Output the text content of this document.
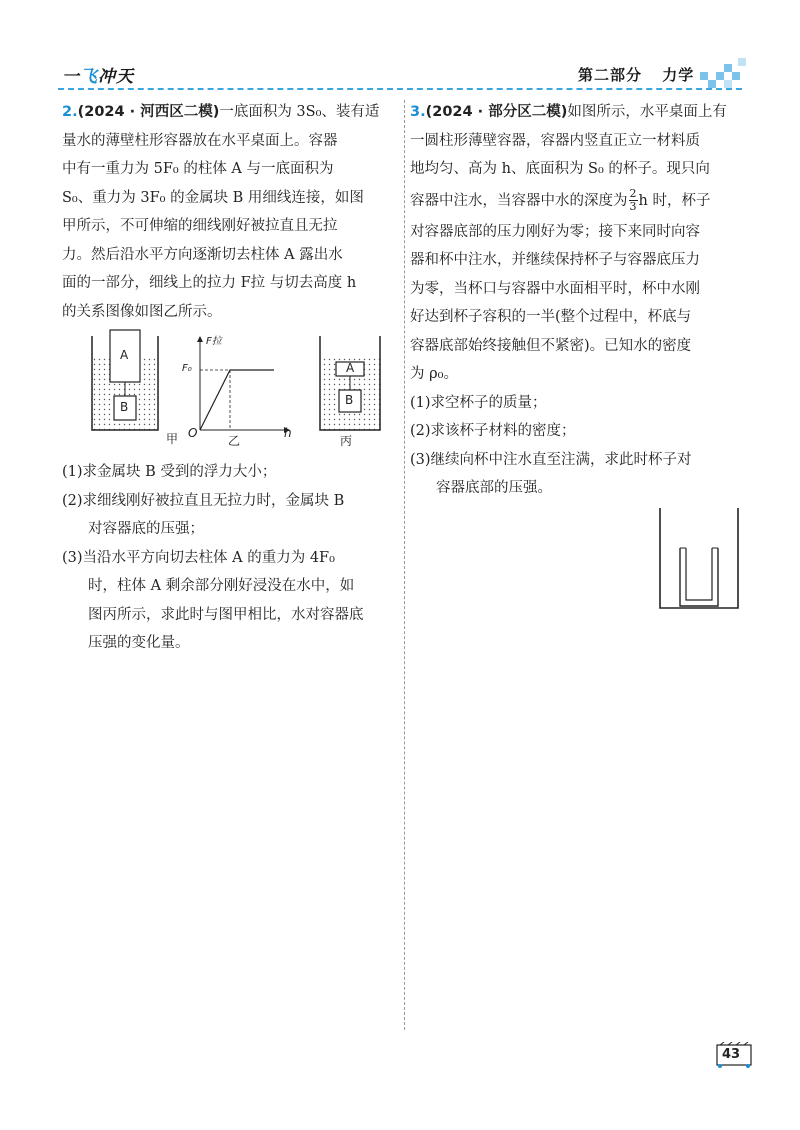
一飞冲天	第二部分 力学

2.(2024 · 河西区二模)一底面积为 3S₀、装有适

量水的薄壁柱形容器放在水平桌面上。容器

中有一重力为 5F₀ 的柱体 A 与一底面积为

S₀、重力为 3F₀ 的金属块 B 用细线连接，如图

甲所示，不可伸缩的细线刚好被拉直且无拉

力。然后沿水平方向逐渐切去柱体 A 露出水

面的一部分，细线上的拉力 F拉 与切去高度 h

的关系图像如图乙所示。

A
B
甲
F拉
F₀
O	h
乙
A
B
丙

(1)求金属块 B 受到的浮力大小；

(2)求细线刚好被拉直且无拉力时，金属块 B

对容器底的压强；

(3)当沿水平方向切去柱体 A 的重力为 4F₀

时，柱体 A 剩余部分刚好浸没在水中，如

图丙所示，求此时与图甲相比，水对容器底

压强的变化量。

3.(2024 · 部分区二模)如图所示，水平桌面上有

一圆柱形薄壁容器，容器内竖直正立一材料质

地均匀、高为 h、底面积为 S₀ 的杯子。现只向

容器中注水，当容器中水的深度为 $\frac{2}{3}$ h 时，杯子

对容器底部的压力刚好为零；接下来同时向容

器和杯中注水，并继续保持杯子与容器底压力

为零，当杯口与容器中水面相平时，杯中水刚

好达到杯子容积的一半(整个过程中，杯底与

容器底部始终接触但不紧密)。已知水的密度

为 ρ₀。

(1)求空杯子的质量；

(2)求该杯子材料的密度；

(3)继续向杯中注水直至注满，求此时杯子对

容器底部的压强。

43
